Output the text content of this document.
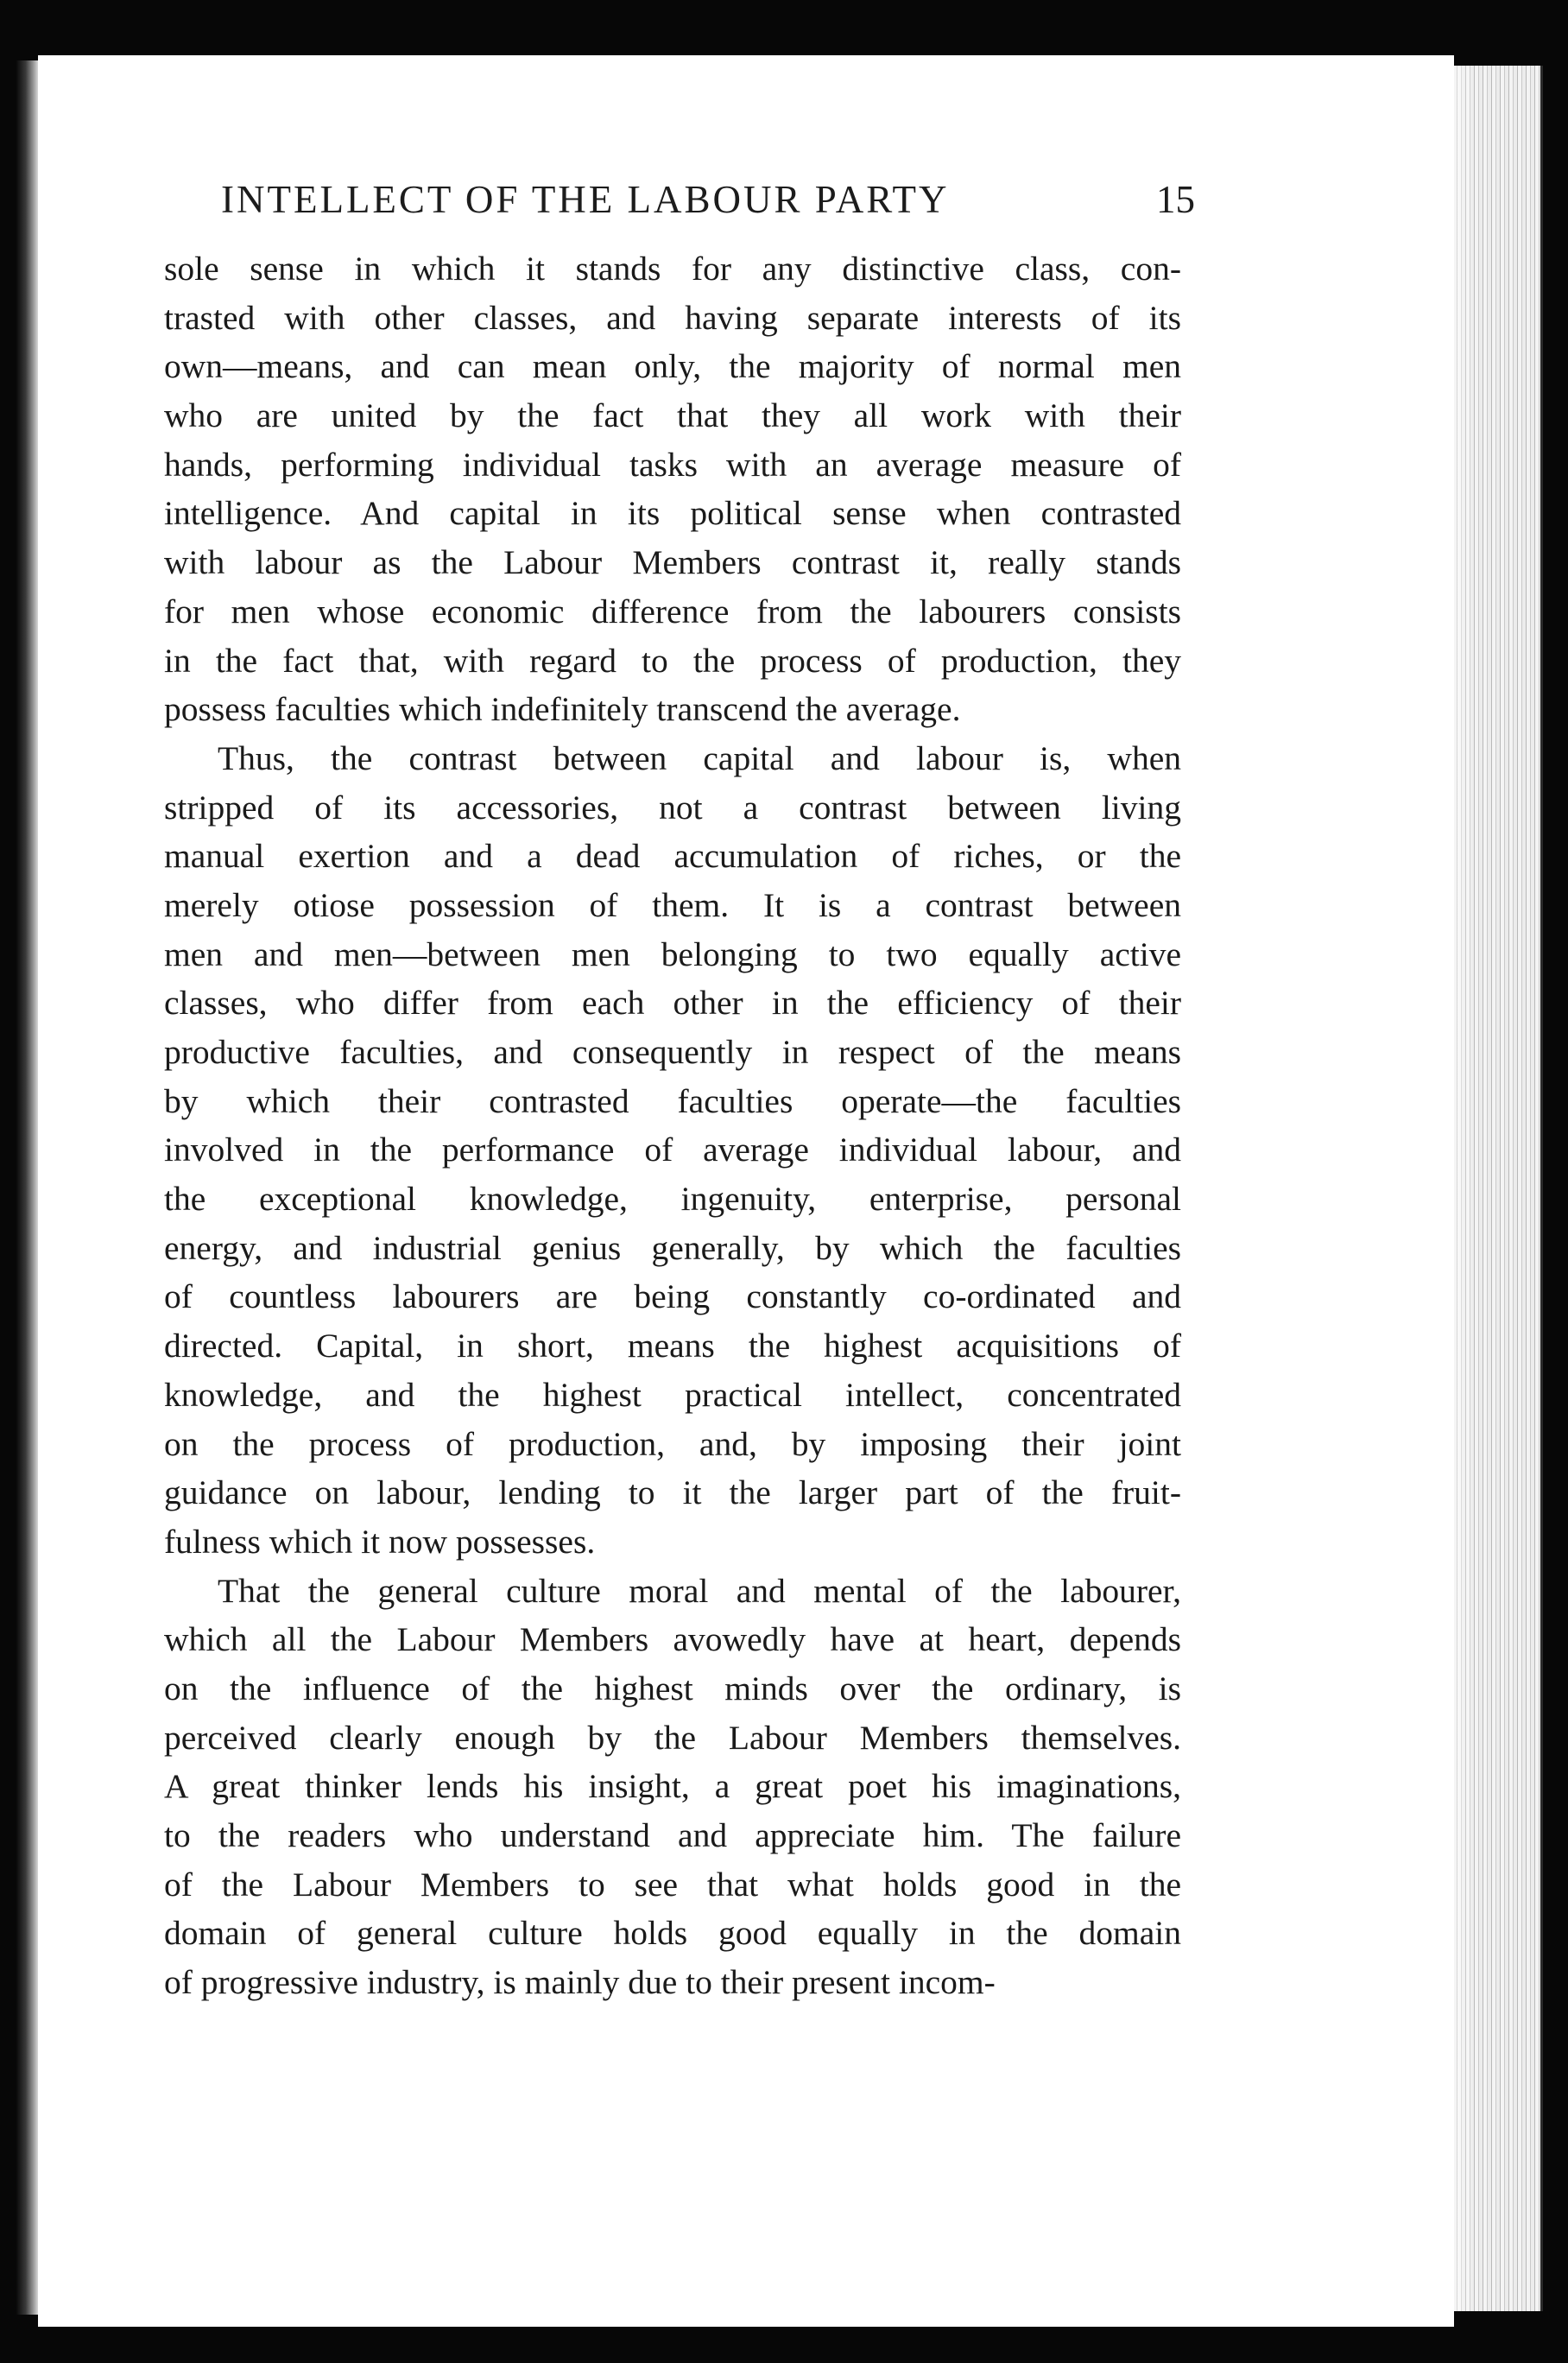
INTELLECT OF THE LABOUR PARTY	15
sole sense in which it stands for any distinctive class, con-
trasted with other classes, and having separate interests of its
own—means, and can mean only, the majority of normal men
who are united by the fact that they all work with their
hands, performing individual tasks with an average measure of
intelligence. And capital in its political sense when contrasted
with labour as the Labour Members contrast it, really stands
for men whose economic difference from the labourers consists
in the fact that, with regard to the process of production, they
possess faculties which indefinitely transcend the average.
Thus, the contrast between capital and labour is, when
stripped of its accessories, not a contrast between living
manual exertion and a dead accumulation of riches, or the
merely otiose possession of them. It is a contrast between
men and men—between men belonging to two equally active
classes, who differ from each other in the efficiency of their
productive faculties, and consequently in respect of the means
by which their contrasted faculties operate—the faculties
involved in the performance of average individual labour, and
the exceptional knowledge, ingenuity, enterprise, personal
energy, and industrial genius generally, by which the faculties
of countless labourers are being constantly co-ordinated and
directed. Capital, in short, means the highest acquisitions of
knowledge, and the highest practical intellect, concentrated
on the process of production, and, by imposing their joint
guidance on labour, lending to it the larger part of the fruit-
fulness which it now possesses.
That the general culture moral and mental of the labourer,
which all the Labour Members avowedly have at heart, depends
on the influence of the highest minds over the ordinary, is
perceived clearly enough by the Labour Members themselves.
A great thinker lends his insight, a great poet his imaginations,
to the readers who understand and appreciate him. The failure
of the Labour Members to see that what holds good in the
domain of general culture holds good equally in the domain
of progressive industry, is mainly due to their present incom-
